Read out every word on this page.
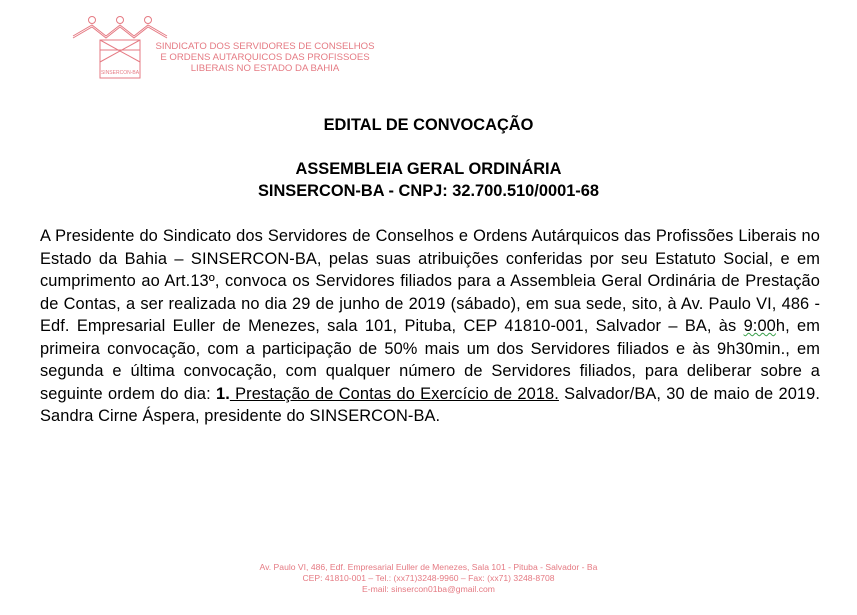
SINSERCON-BA
SINDICATO DOS SERVIDORES DE CONSELHOS
E ORDENS AUTARQUICOS DAS PROFISSOES
LIBERAIS NO ESTADO DA BAHIA
EDITAL DE CONVOCAÇÃO
ASSEMBLEIA GERAL ORDINÁRIA
SINSERCON-BA - CNPJ: 32.700.510/0001-68
A Presidente do Sindicato dos Servidores de Conselhos e Ordens Autárquicos das Profissões Liberais no Estado da Bahia – SINSERCON-BA, pelas suas atribuições conferidas por seu Estatuto Social, e em cumprimento ao Art.13º, convoca os Servidores filiados para a Assembleia Geral Ordinária de Prestação de Contas, a ser realizada no dia 29 de junho de 2019 (sábado), em sua sede, sito, à Av. Paulo VI, 486 - Edf. Empresarial Euller de Menezes, sala 101, Pituba, CEP 41810-001, Salvador – BA, às 9:00h, em primeira convocação, com a participação de 50% mais um dos Servidores filiados e às 9h30min., em segunda e última convocação, com qualquer número de Servidores filiados, para deliberar sobre a seguinte ordem do dia: 1. Prestação de Contas do Exercício de 2018. Salvador/BA, 30 de maio de 2019. Sandra Cirne Áspera, presidente do SINSERCON-BA.
Av. Paulo VI, 486, Edf. Empresarial Euller de Menezes, Sala 101 - Pituba - Salvador - Ba
CEP: 41810-001 – Tel.: (xx71)3248-9960 – Fax: (xx71) 3248-8708
E-mail: sinsercon01ba@gmail.com
